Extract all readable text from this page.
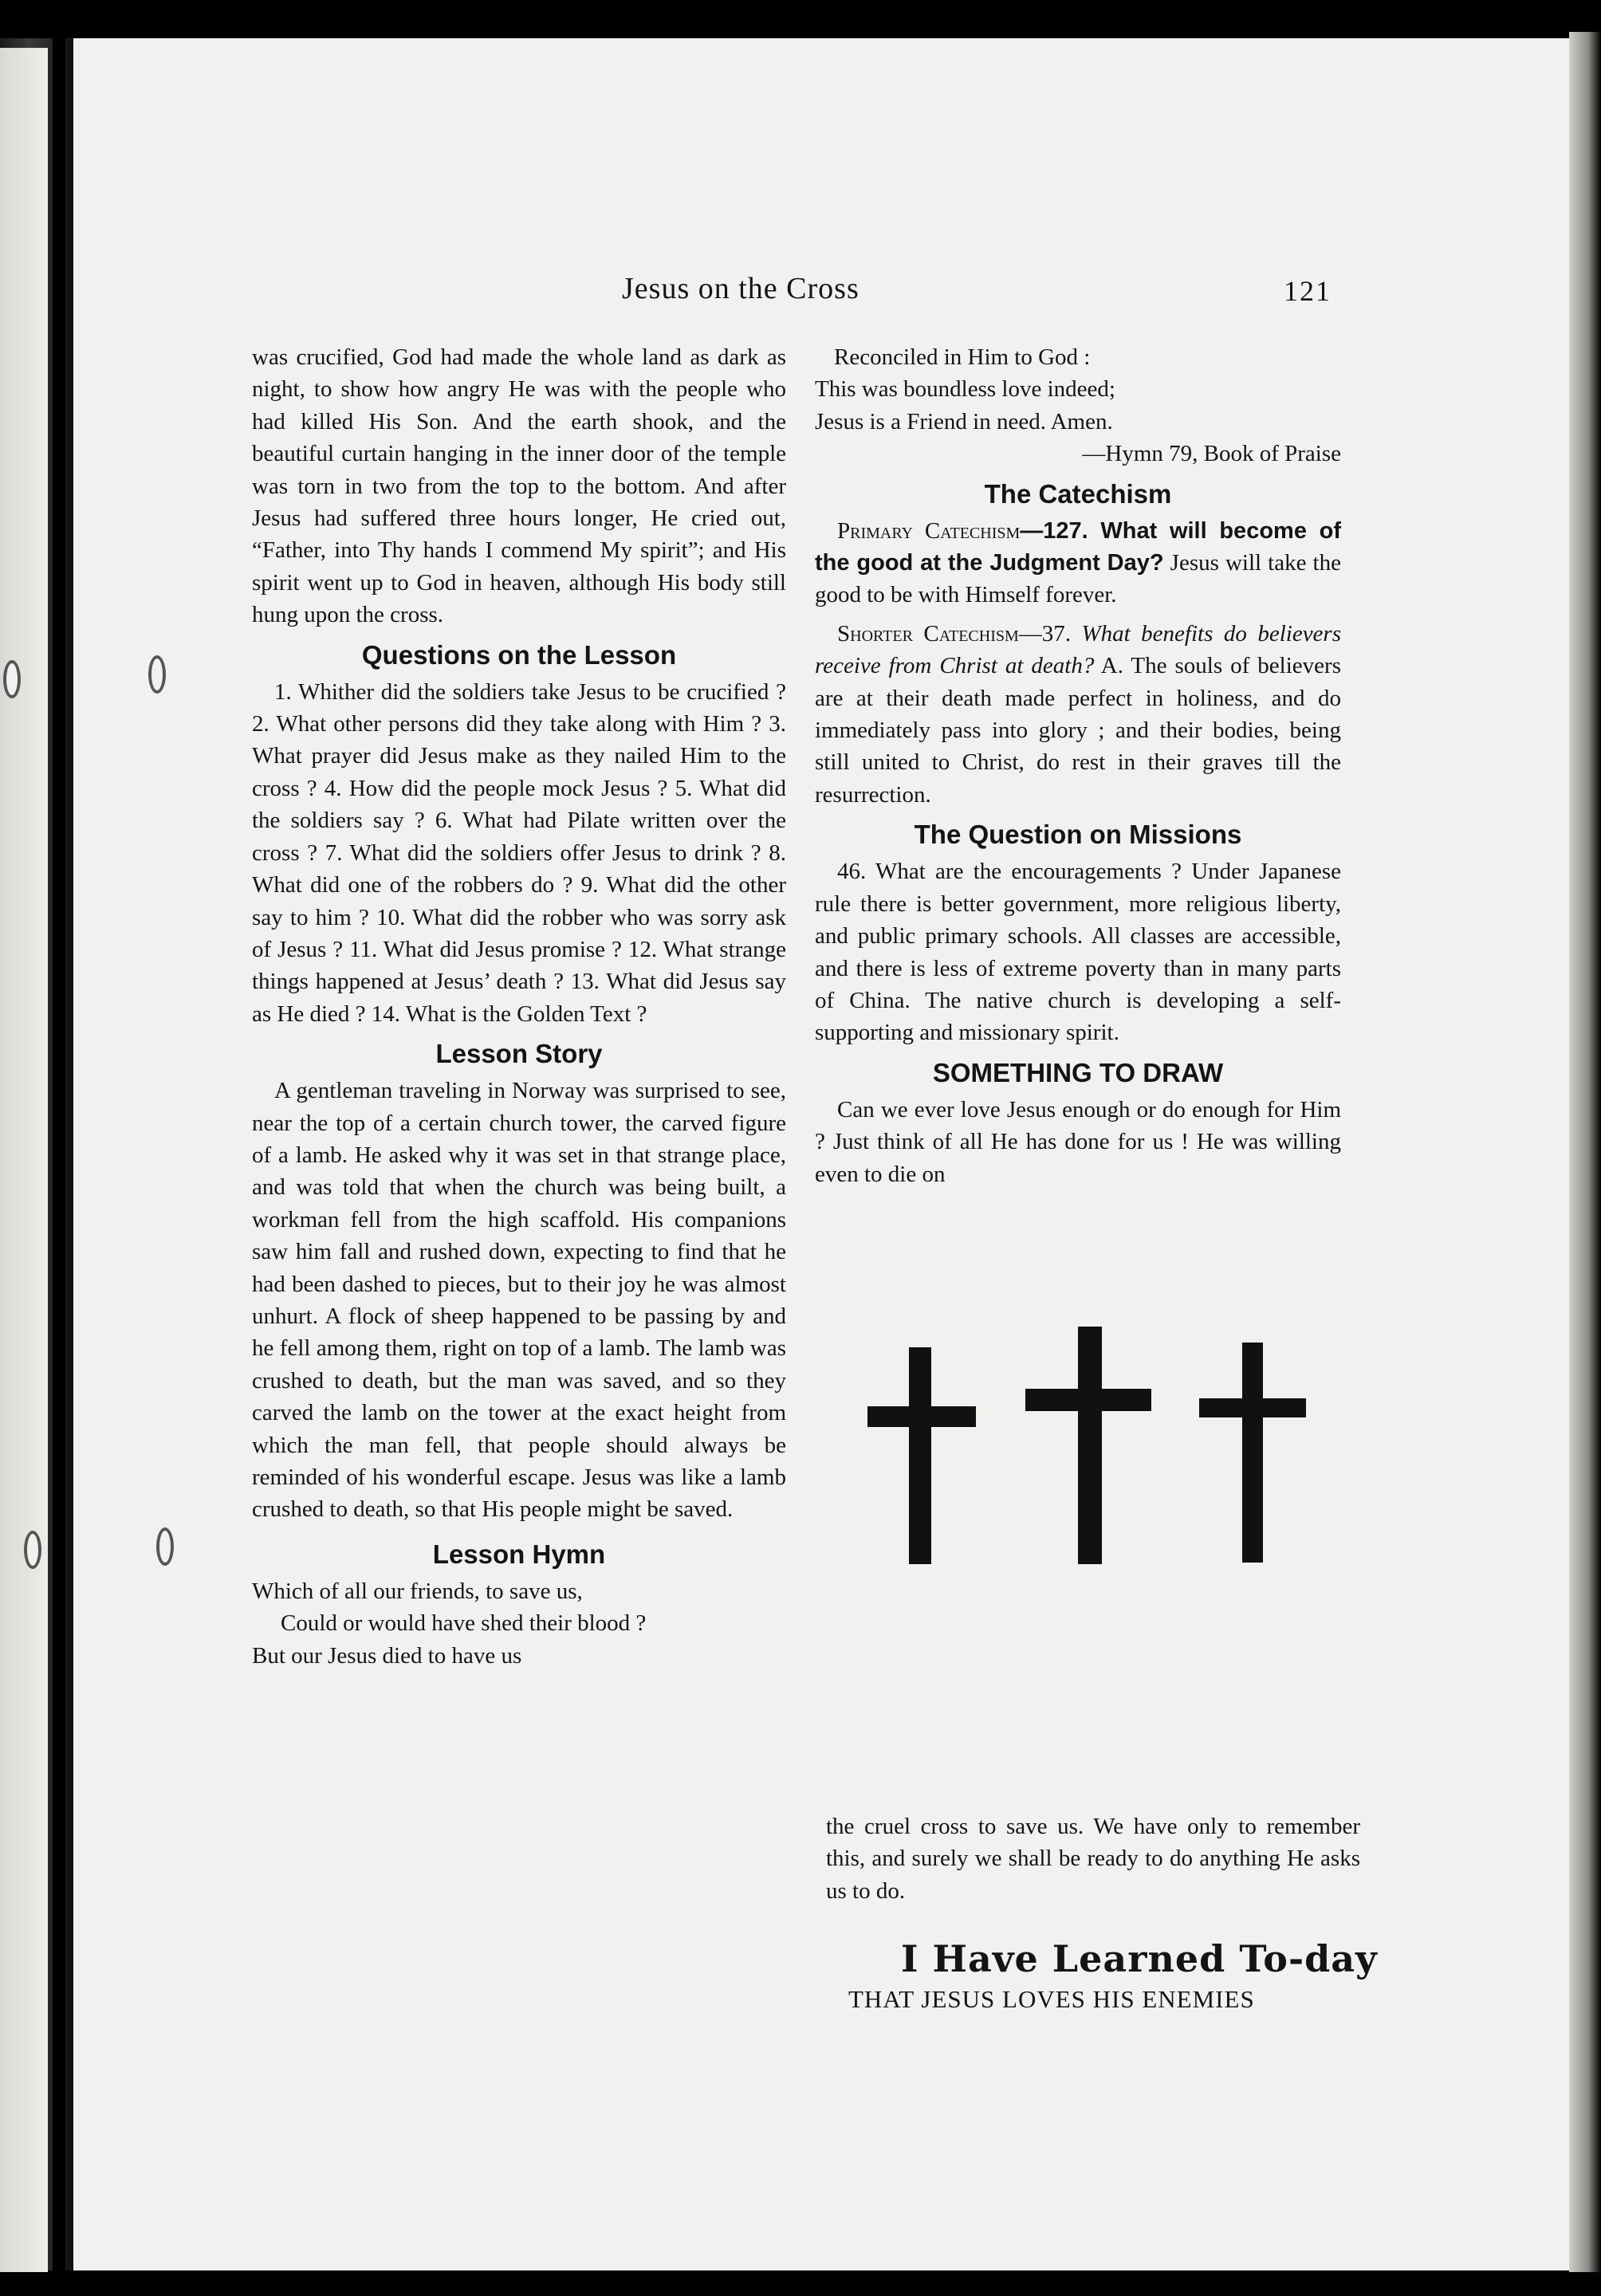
Jesus on the Cross	121

was crucified, God had made the whole land as dark as night, to show how angry He was with the people who had killed His Son. And the earth shook, and the beautiful curtain hanging in the inner door of the temple was torn in two from the top to the bottom. And after Jesus had suffered three hours longer, He cried out, “Father, into Thy hands I commend My spirit”; and His spirit went up to God in heaven, although His body still hung upon the cross.

Questions on the Lesson

1. Whither did the soldiers take Jesus to be crucified ? 2. What other persons did they take along with Him ? 3. What prayer did Jesus make as they nailed Him to the cross ? 4. How did the people mock Jesus ? 5. What did the soldiers say ? 6. What had Pilate written over the cross ? 7. What did the soldiers offer Jesus to drink ? 8. What did one of the robbers do ? 9. What did the other say to him ? 10. What did the robber who was sorry ask of Jesus ? 11. What did Jesus promise ? 12. What strange things happened at Jesus’ death ? 13. What did Jesus say as He died ? 14. What is the Golden Text ?

Lesson Story

A gentleman traveling in Norway was surprised to see, near the top of a certain church tower, the carved figure of a lamb. He asked why it was set in that strange place, and was told that when the church was being built, a workman fell from the high scaffold. His companions saw him fall and rushed down, expecting to find that he had been dashed to pieces, but to their joy he was almost unhurt. A flock of sheep happened to be passing by and he fell among them, right on top of a lamb. The lamb was crushed to death, but the man was saved, and so they carved the lamb on the tower at the exact height from which the man fell, that people should always be reminded of his wonderful escape. Jesus was like a lamb crushed to death, so that His people might be saved.

Lesson Hymn

Which of all our friends, to save us,

Could or would have shed their blood ?

But our Jesus died to have us

Reconciled in Him to God :

This was boundless love indeed;

Jesus is a Friend in need. Amen.

—Hymn 79, Book of Praise

The Catechism

Primary Catechism—127. What will become of the good at the Judgment Day? Jesus will take the good to be with Himself forever.

Shorter Catechism—37. What benefits do believers receive from Christ at death? A. The souls of believers are at their death made perfect in holiness, and do immediately pass into glory ; and their bodies, being still united to Christ, do rest in their graves till the resurrection.

The Question on Missions

46. What are the encouragements ? Under Japanese rule there is better government, more religious liberty, and public primary schools. All classes are accessible, and there is less of extreme poverty than in many parts of China. The native church is developing a self-supporting and missionary spirit.

SOMETHING TO DRAW

Can we ever love Jesus enough or do enough for Him ? Just think of all He has done for us ! He was willing even to die on

the cruel cross to save us. We have only to remember this, and surely we shall be ready to do anything He asks us to do.

I Have Learned To-day
THAT JESUS LOVES HIS ENEMIES
